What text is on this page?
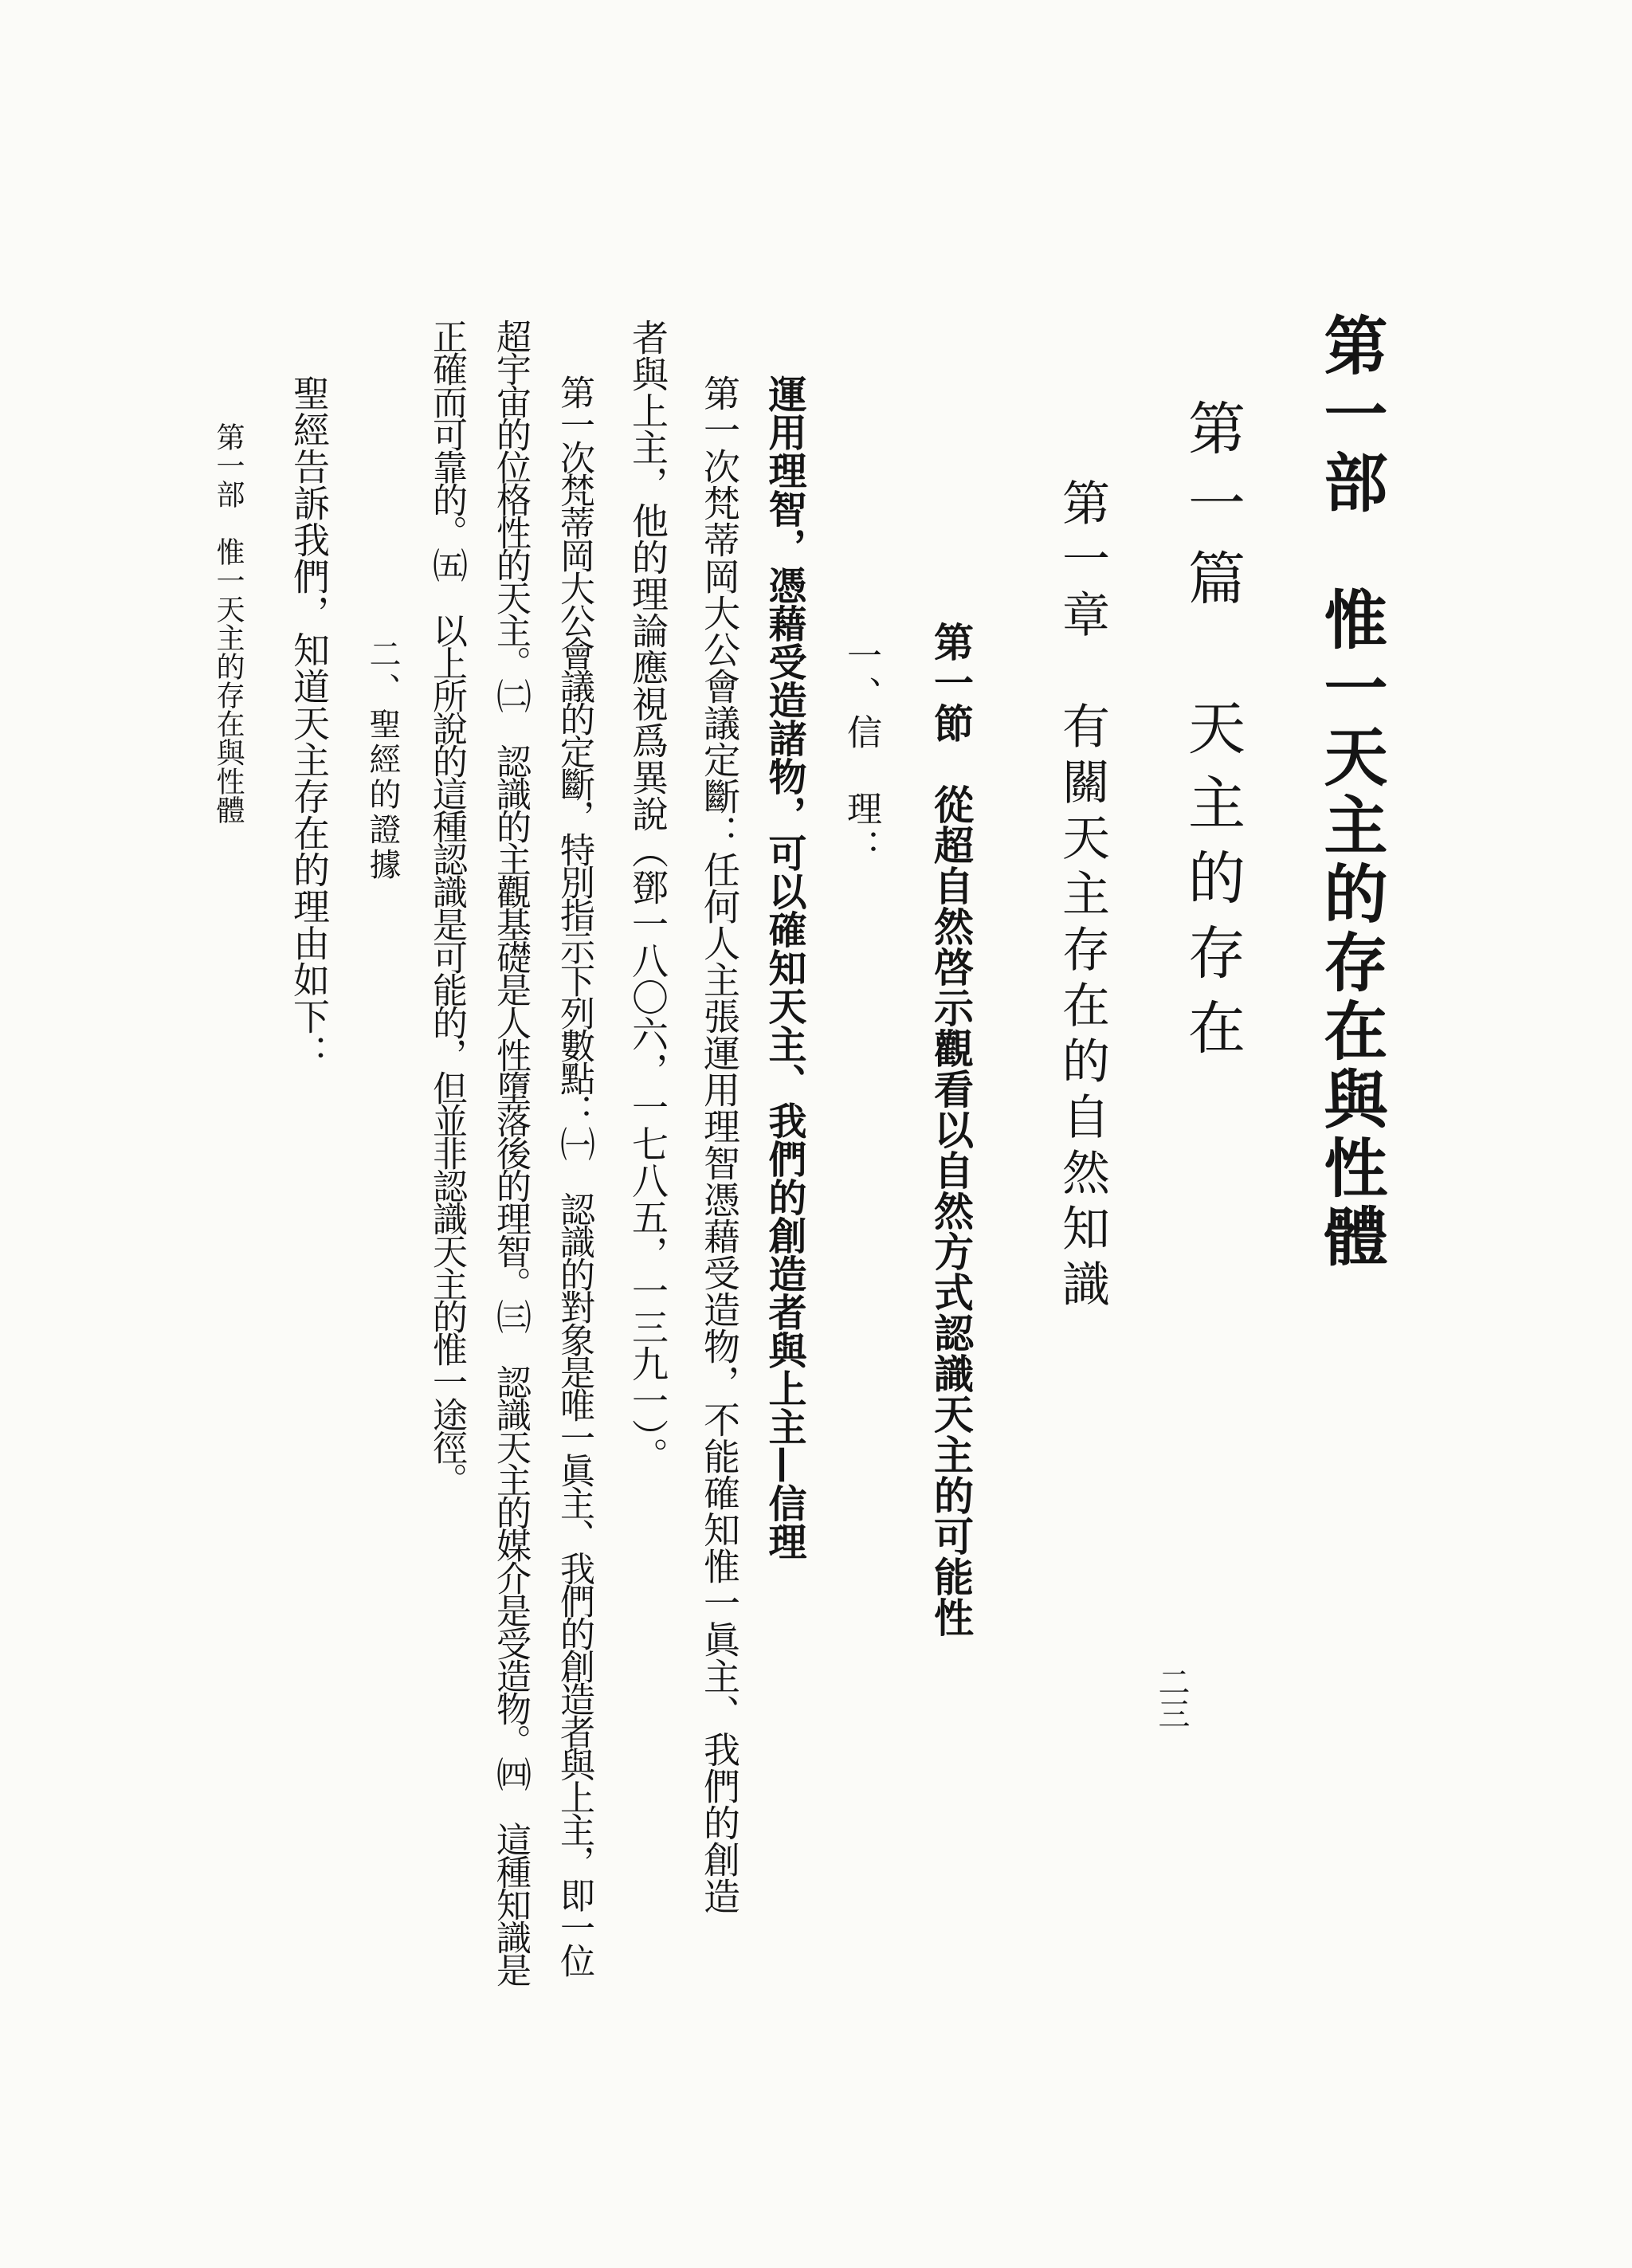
第一部　惟一天主的存在與性體
第一篇　天主的存在
第一章　有關天主存在的自然知識
第一節　從超自然啓示觀看以自然方式認識天主的可能性
一、信　理：
運用理智，憑藉受造諸物，可以確知天主、我們的創造者與上主—信理
第一次梵蒂岡大公會議定斷：任何人主張運用理智憑藉受造物，不能確知惟一眞主、我們的創造
者與上主，他的理論應視爲異說（鄧一八〇六，一七八五，一三九一）。
第一次梵蒂岡大公會議的定斷，特別指示下列數點：㈠　認識的對象是唯一眞主、我們的創造者與上主，即一位
超宇宙的位格性的天主。㈡　認識的主觀基礎是人性墮落後的理智。㈢　認識天主的媒介是受造物。㈣　這種知識是
正確而可靠的。㈤　以上所說的這種認識是可能的，但並非認識天主的惟一途徑。
二、聖經的證據
聖經告訴我們，知道天主存在的理由如下：
第一部　惟一天主的存在與性體
二三
